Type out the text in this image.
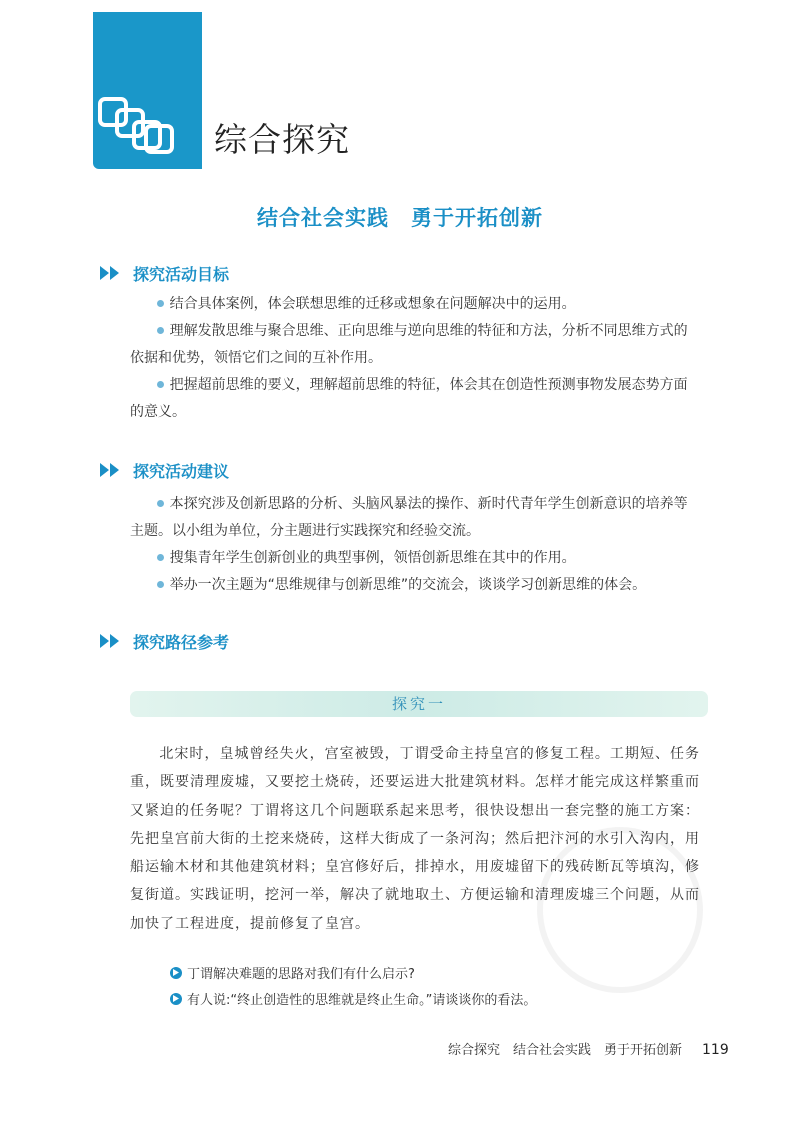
综合探究
结合社会实践　勇于开拓创新
探究活动目标

结合具体案例，体会联想思维的迁移或想象在问题解决中的运用。

理解发散思维与聚合思维、正向思维与逆向思维的特征和方法，分析不同思维方式的依据和优势，领悟它们之间的互补作用。

把握超前思维的要义，理解超前思维的特征，体会其在创造性预测事物发展态势方面的意义。

探究活动建议

本探究涉及创新思路的分析、头脑风暴法的操作、新时代青年学生创新意识的培养等主题。以小组为单位，分主题进行实践探究和经验交流。

搜集青年学生创新创业的典型事例，领悟创新思维在其中的作用。

举办一次主题为“思维规律与创新思维”的交流会，谈谈学习创新思维的体会。

探究路径参考
探究一

北宋时，皇城曾经失火，宫室被毁，丁谓受命主持皇宫的修复工程。工期短、任务重，既要清理废墟，又要挖土烧砖，还要运进大批建筑材料。怎样才能完成这样繁重而又紧迫的任务呢？丁谓将这几个问题联系起来思考，很快设想出一套完整的施工方案：先把皇宫前大街的土挖来烧砖，这样大街成了一条河沟；然后把汴河的水引入沟内，用船运输木材和其他建筑材料；皇宫修好后，排掉水，用废墟留下的残砖断瓦等填沟，修复街道。实践证明，挖河一举，解决了就地取土、方便运输和清理废墟三个问题，从而加快了工程进度，提前修复了皇宫。

丁谓解决难题的思路对我们有什么启示?
有人说:“终止创造性的思维就是终止生命。”请谈谈你的看法。
综合探究　结合社会实践　勇于开拓创新 119
